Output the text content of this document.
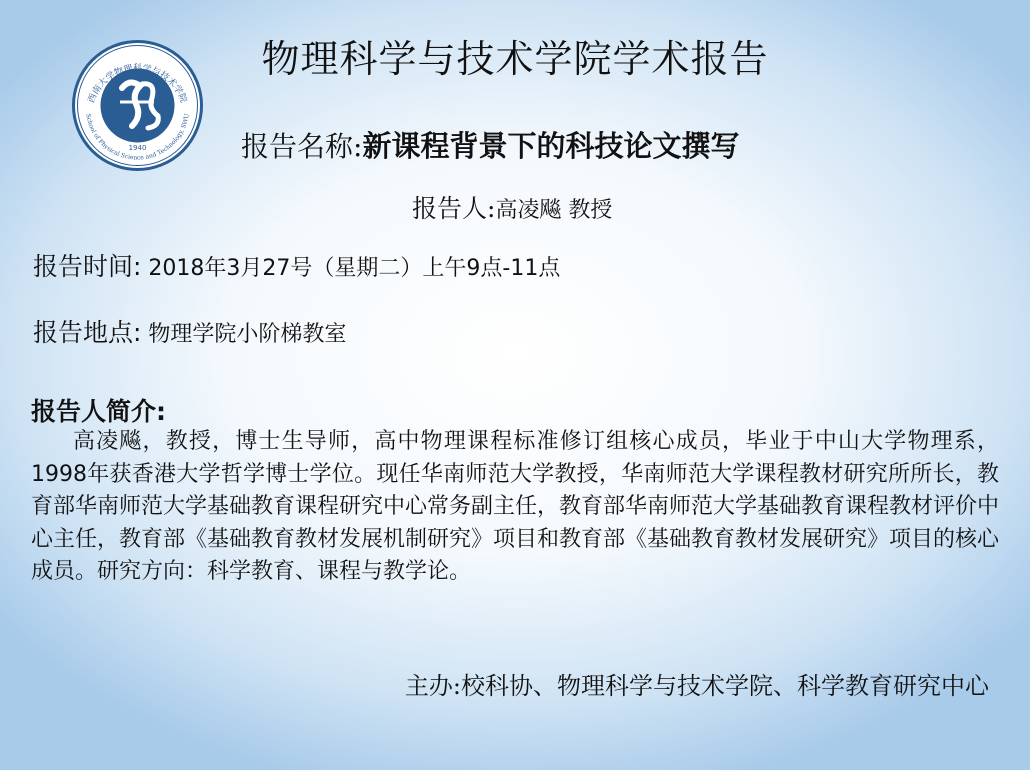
西南大学物理科学与技术学院
School of Physical Science and Technology, SWU
1940
物理科学与技术学院学术报告
报告名称:新课程背景下的科技论文撰写
报告人:高凌飚 教授
报告时间: 2018年3月27号（星期二）上午9点-11点
报告地点: 物理学院小阶梯教室
报告人简介:
高凌飚，教授，博士生导师，高中物理课程标准修订组核心成员，毕业于中山大学物理系，1998年获香港大学哲学博士学位。现任华南师范大学教授，华南师范大学课程教材研究所所长，教育部华南师范大学基础教育课程研究中心常务副主任，教育部华南师范大学基础教育课程教材评价中心主任，教育部《基础教育教材发展机制研究》项目和教育部《基础教育教材发展研究》项目的核心成员。研究方向：科学教育、课程与教学论。
主办:校科协、物理科学与技术学院、科学教育研究中心
